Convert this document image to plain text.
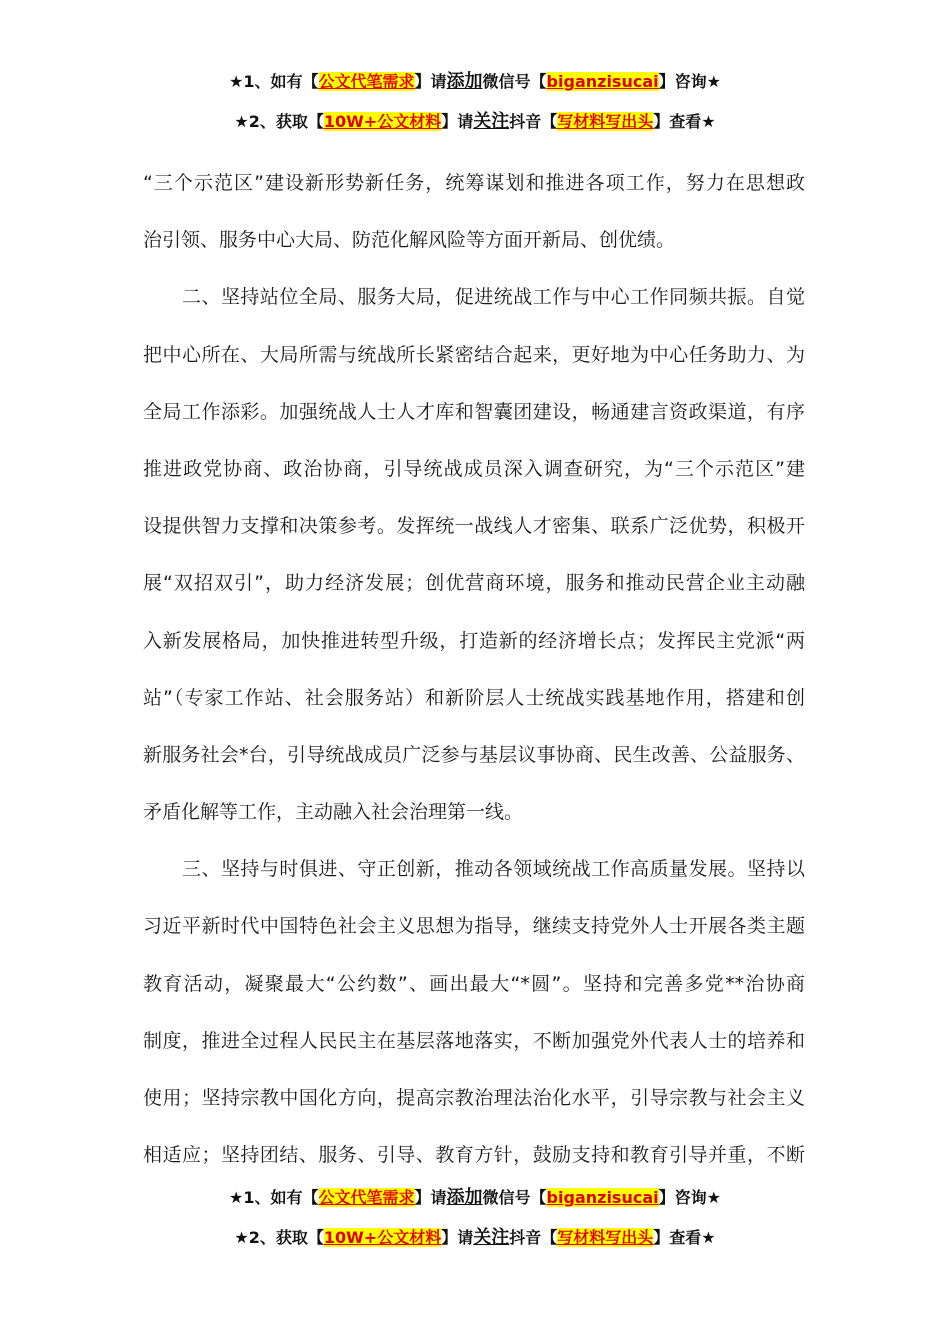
★1、如有【公文代笔需求】请添加微信号【biganzisucai】咨询★
★2、获取【10W+公文材料】请关注抖音【写材料写出头】查看★
“三个示范区”建设新形势新任务，统筹谋划和推进各项工作，努力在思想政
治引领、服务中心大局、防范化解风险等方面开新局、创优绩。
　　二、坚持站位全局、服务大局，促进统战工作与中心工作同频共振。自觉
把中心所在、大局所需与统战所长紧密结合起来，更好地为中心任务助力、为
全局工作添彩。加强统战人士人才库和智囊团建设，畅通建言资政渠道，有序
推进政党协商、政治协商，引导统战成员深入调查研究，为“三个示范区”建
设提供智力支撑和决策参考。发挥统一战线人才密集、联系广泛优势，积极开
展“双招双引”，助力经济发展；创优营商环境，服务和推动民营企业主动融
入新发展格局，加快推进转型升级，打造新的经济增长点；发挥民主党派“两
站”（专家工作站、社会服务站）和新阶层人士统战实践基地作用，搭建和创
新服务社会*台，引导统战成员广泛参与基层议事协商、民生改善、公益服务、
矛盾化解等工作，主动融入社会治理第一线。
　　三、坚持与时俱进、守正创新，推动各领域统战工作高质量发展。坚持以
习近平新时代中国特色社会主义思想为指导，继续支持党外人士开展各类主题
教育活动，凝聚最大“公约数”、画出最大“*圆”。坚持和完善多党**治协商
制度，推进全过程人民民主在基层落地落实，不断加强党外代表人士的培养和
使用；坚持宗教中国化方向，提高宗教治理法治化水平，引导宗教与社会主义
相适应；坚持团结、服务、引导、教育方针，鼓励支持和教育引导并重，不断
★1、如有【公文代笔需求】请添加微信号【biganzisucai】咨询★
★2、获取【10W+公文材料】请关注抖音【写材料写出头】查看★
